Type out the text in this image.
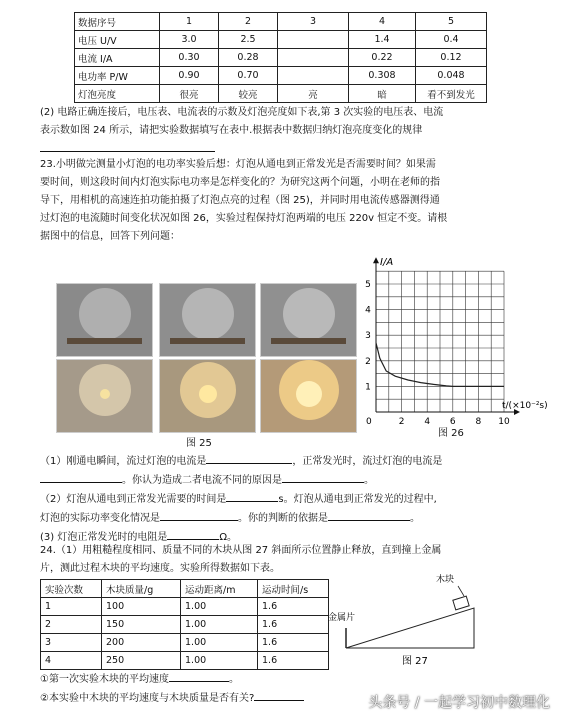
数据序号	1	2	3	4	5
电压 U/V	3.0	2.5		1.4	0.4
电流 I/A	0.30	0.28		0.22	0.12
电功率 P/W	0.90	0.70		0.308	0.048
灯泡亮度	很亮	较亮	亮	暗	看不到发光
(2) 电路正确连接后，电压表、电流表的示数及灯泡亮度如下表,第 3 次实验的电压表、电流
表示数如图 24 所示，请把实验数据填写在表中.根据表中数据归纳灯泡亮度变化的规律
23.小明做完测量小灯泡的电功率实验后想：灯泡从通电到正常发光是否需要时间？如果需
要时间，则这段时间内灯泡实际电功率是怎样变化的？为研究这两个问题，小明在老师的指
导下，用相机的高速连拍功能拍摄了灯泡点亮的过程（图 25)，并同时用电流传感器测得通
过灯泡的电流随时间变化状况如图 26，实验过程保持灯泡两端的电压 220v 恒定不变。请根
据图中的信息，回答下列问题：
图 25
2 4 6 8 10
1
2
3
4
5
I/A
t/(×10⁻²s)
0
图 26
（1）刚通电瞬间，流过灯泡的电流是	，正常发光时，流过灯泡的电流是
。你认为造成二者电流不同的原因是	。
（2）灯泡从通电到正常发光需要的时间是	s。灯泡从通电到正常发光的过程中,
灯泡的实际功率变化情况是	。你的判断的依据是	。
(3) 灯泡正常发光时的电阻是	Ω。
24.（1）用粗糙程度相同、质量不同的木块从图 27 斜面所示位置静止释放，直到撞上金属
片，测此过程木块的平均速度。实验所得数据如下表。
实验次数	木块质量/g	运动距离/m	运动时间/s
1	100	1.00	1.6
2	150	1.00	1.6
3	200	1.00	1.6
4	250	1.00	1.6
木块
金属片
图 27
①第一次实验木块的平均速度	。
②本实验中木块的平均速度与木块质量是否有关?	头条号 / 一起学习初中数理化
